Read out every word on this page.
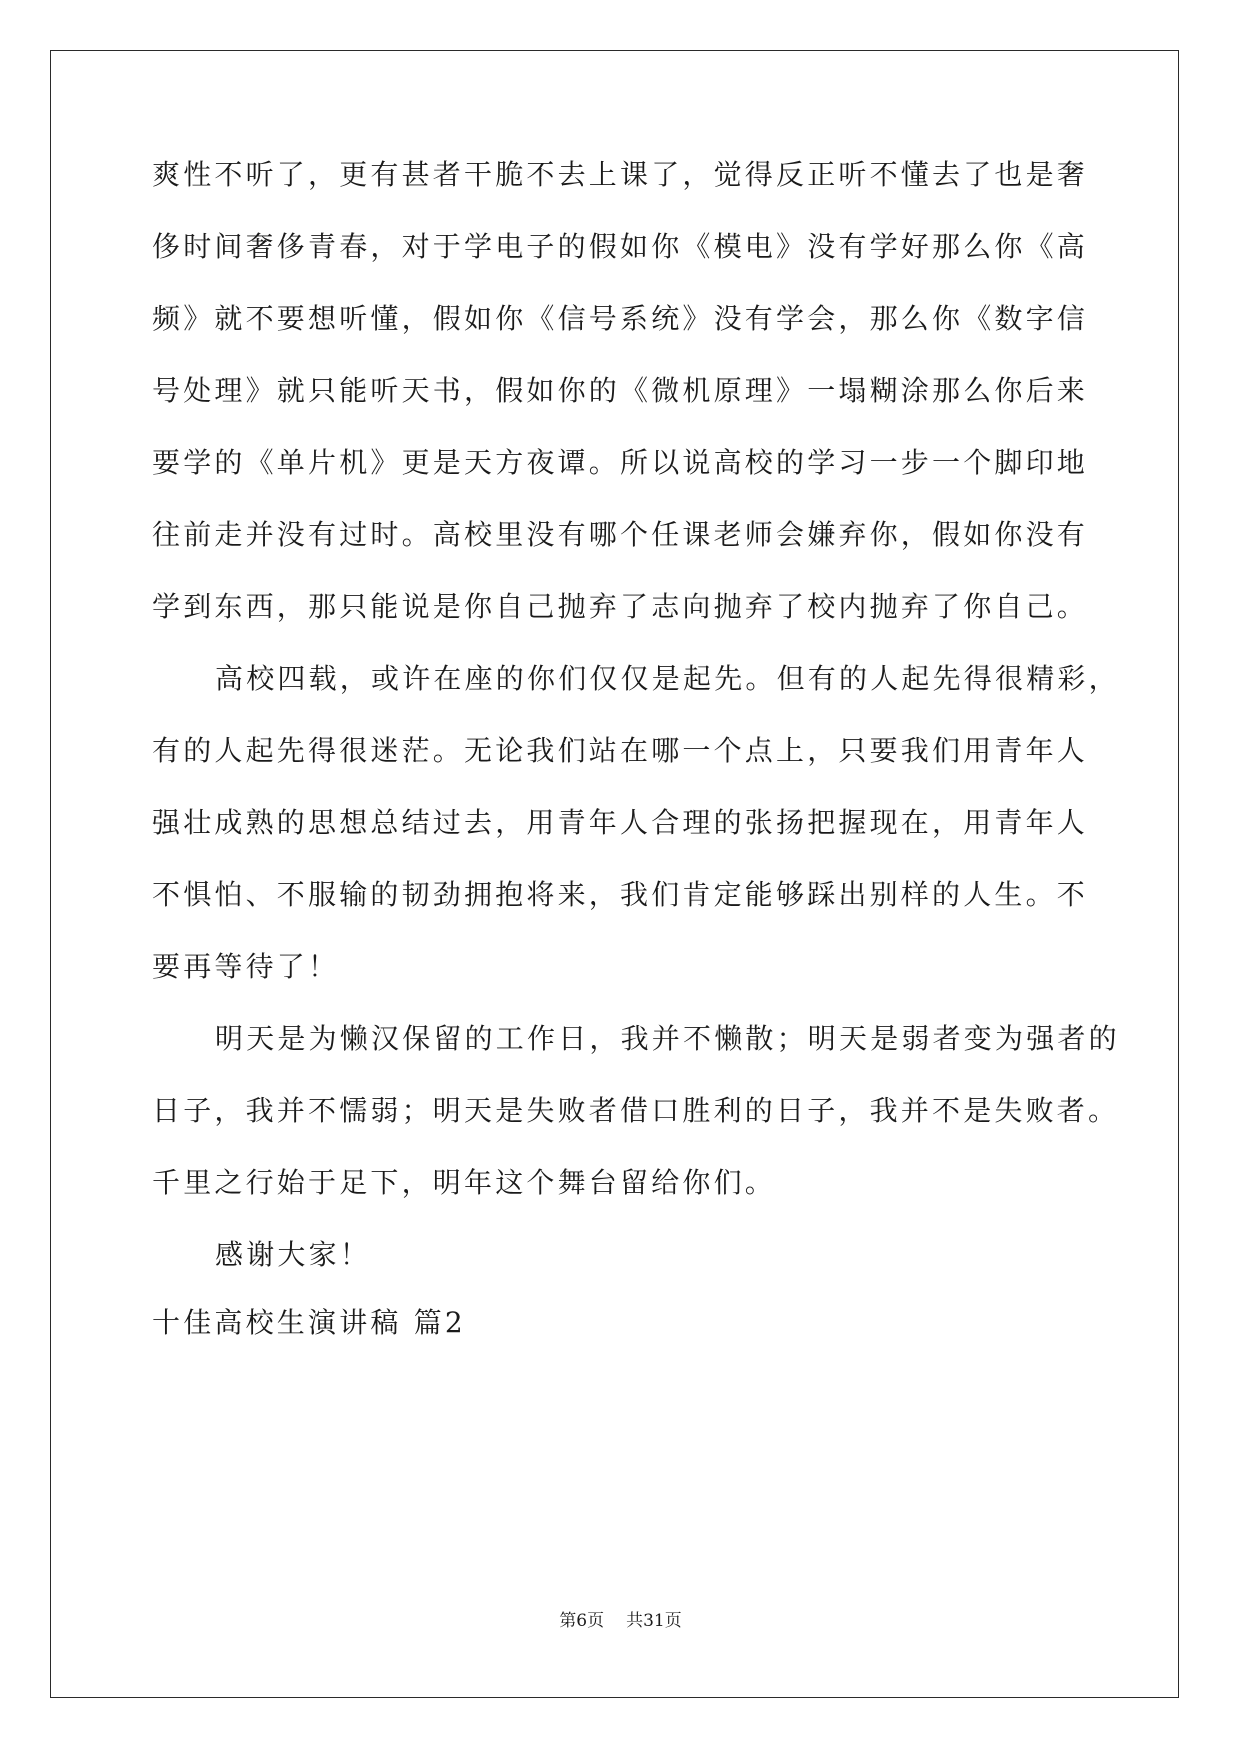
爽性不听了，更有甚者干脆不去上课了，觉得反正听不懂去了也是奢
侈时间奢侈青春，对于学电子的假如你《模电》没有学好那么你《高
频》就不要想听懂，假如你《信号系统》没有学会，那么你《数字信
号处理》就只能听天书，假如你的《微机原理》一塌糊涂那么你后来
要学的《单片机》更是天方夜谭。所以说高校的学习一步一个脚印地
往前走并没有过时。高校里没有哪个任课老师会嫌弃你，假如你没有
学到东西，那只能说是你自己抛弃了志向抛弃了校内抛弃了你自己。
高校四载，或许在座的你们仅仅是起先。但有的人起先得很精彩，
有的人起先得很迷茫。无论我们站在哪一个点上，只要我们用青年人
强壮成熟的思想总结过去，用青年人合理的张扬把握现在，用青年人
不惧怕、不服输的韧劲拥抱将来，我们肯定能够踩出别样的人生。不
要再等待了！
明天是为懒汉保留的工作日，我并不懒散；明天是弱者变为强者的
日子，我并不懦弱；明天是失败者借口胜利的日子，我并不是失败者。
千里之行始于足下，明年这个舞台留给你们。
感谢大家！
十佳高校生演讲稿 篇2
第6页 共31页
